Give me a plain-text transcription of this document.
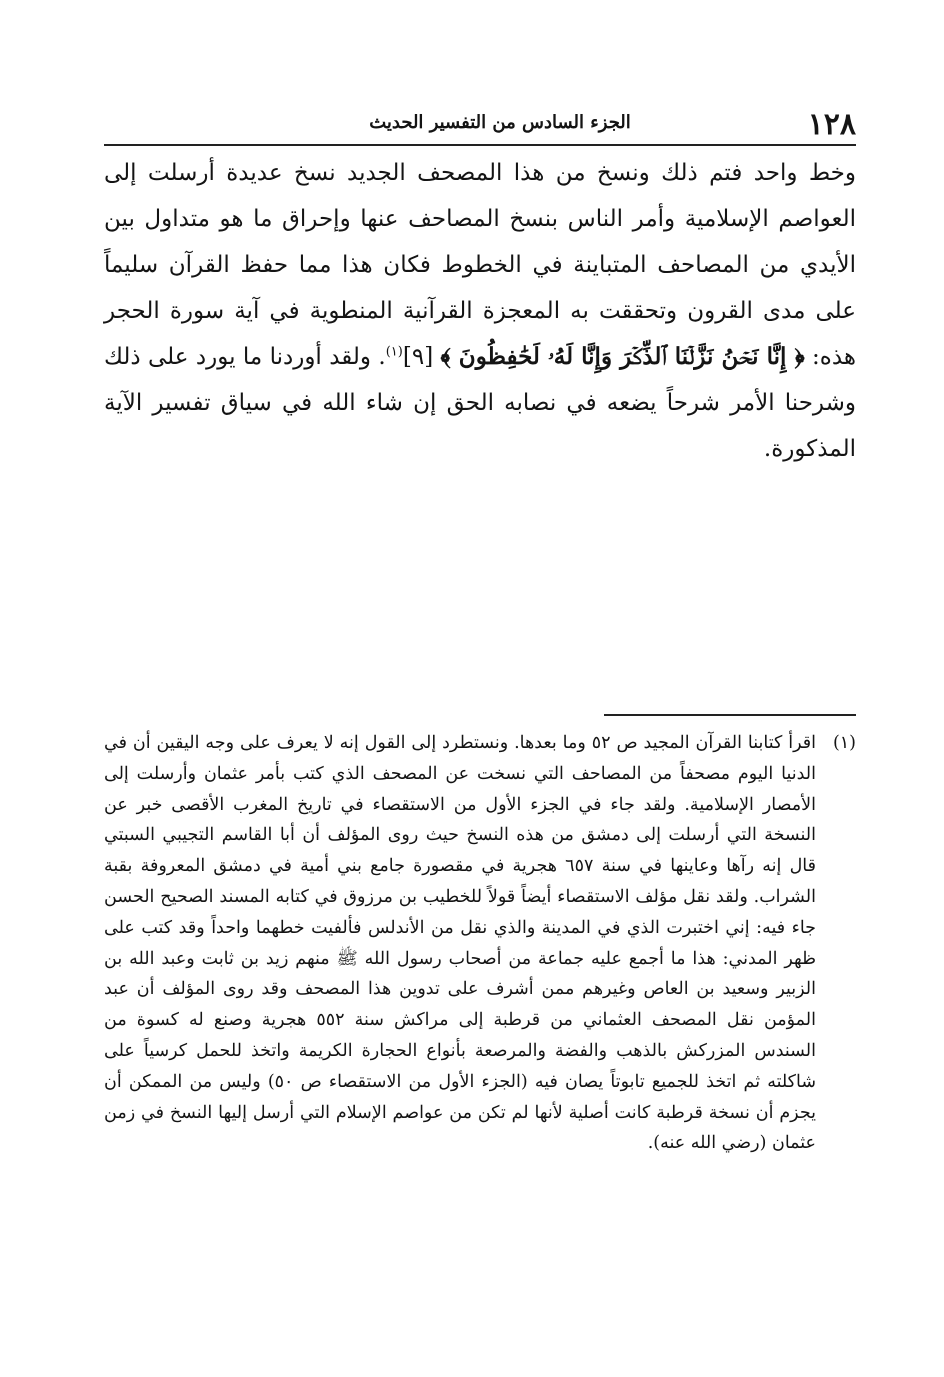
١٢٨
الجزء السادس من التفسير الحديث

وخط واحد فتم ذلك ونسخ من هذا المصحف الجديد نسخ عديدة أرسلت إلى العواصم الإسلامية وأمر الناس بنسخ المصاحف عنها وإحراق ما هو متداول بين الأيدي من المصاحف المتباينة في الخطوط فكان هذا مما حفظ القرآن سليماً على مدى القرون وتحققت به المعجزة القرآنية المنطوية في آية سورة الحجر هذه: ﴿ إِنَّا نَحۡنُ نَزَّلۡنَا ٱلذِّكۡرَ وَإِنَّا لَهُۥ لَحَٰفِظُونَ ﴾ [٩]$^{(١)}$. ولقد أوردنا ما يورد على ذلك وشرحنا الأمر شرحاً يضعه في نصابه الحق إن شاء الله في سياق تفسير الآية المذكورة.

(١)
اقرأ كتابنا القرآن المجيد ص ٥٢ وما بعدها. ونستطرد إلى القول إنه لا يعرف على وجه اليقين أن في الدنيا اليوم مصحفاً من المصاحف التي نسخت عن المصحف الذي كتب بأمر عثمان وأرسلت إلى الأمصار الإسلامية. ولقد جاء في الجزء الأول من الاستقصاء في تاريخ المغرب الأقصى خبر عن النسخة التي أرسلت إلى دمشق من هذه النسخ حيث روى المؤلف أن أبا القاسم التجيبي السبتي قال إنه رآها وعاينها في سنة ٦٥٧ هجرية في مقصورة جامع بني أمية في دمشق المعروفة بقبة الشراب. ولقد نقل مؤلف الاستقصاء أيضاً قولاً للخطيب بن مرزوق في كتابه المسند الصحيح الحسن جاء فيه: إني اختبرت الذي في المدينة والذي نقل من الأندلس فألفيت خطهما واحداً وقد كتب على ظهر المدني: هذا ما أجمع عليه جماعة من أصحاب رسول الله ﷺ منهم زيد بن ثابت وعبد الله بن الزبير وسعيد بن العاص وغيرهم ممن أشرف على تدوين هذا المصحف وقد روى المؤلف أن عبد المؤمن نقل المصحف العثماني من قرطبة إلى مراكش سنة ٥٥٢ هجرية وصنع له كسوة من السندس المزركش بالذهب والفضة والمرصعة بأنواع الحجارة الكريمة واتخذ للحمل كرسياً على شاكلته ثم اتخذ للجميع تابوتاً يصان فيه (الجزء الأول من الاستقصاء ص ٥٠) وليس من الممكن أن يجزم أن نسخة قرطبة كانت أصلية لأنها لم تكن من عواصم الإسلام التي أرسل إليها النسخ في زمن عثمان (رضي الله عنه).
